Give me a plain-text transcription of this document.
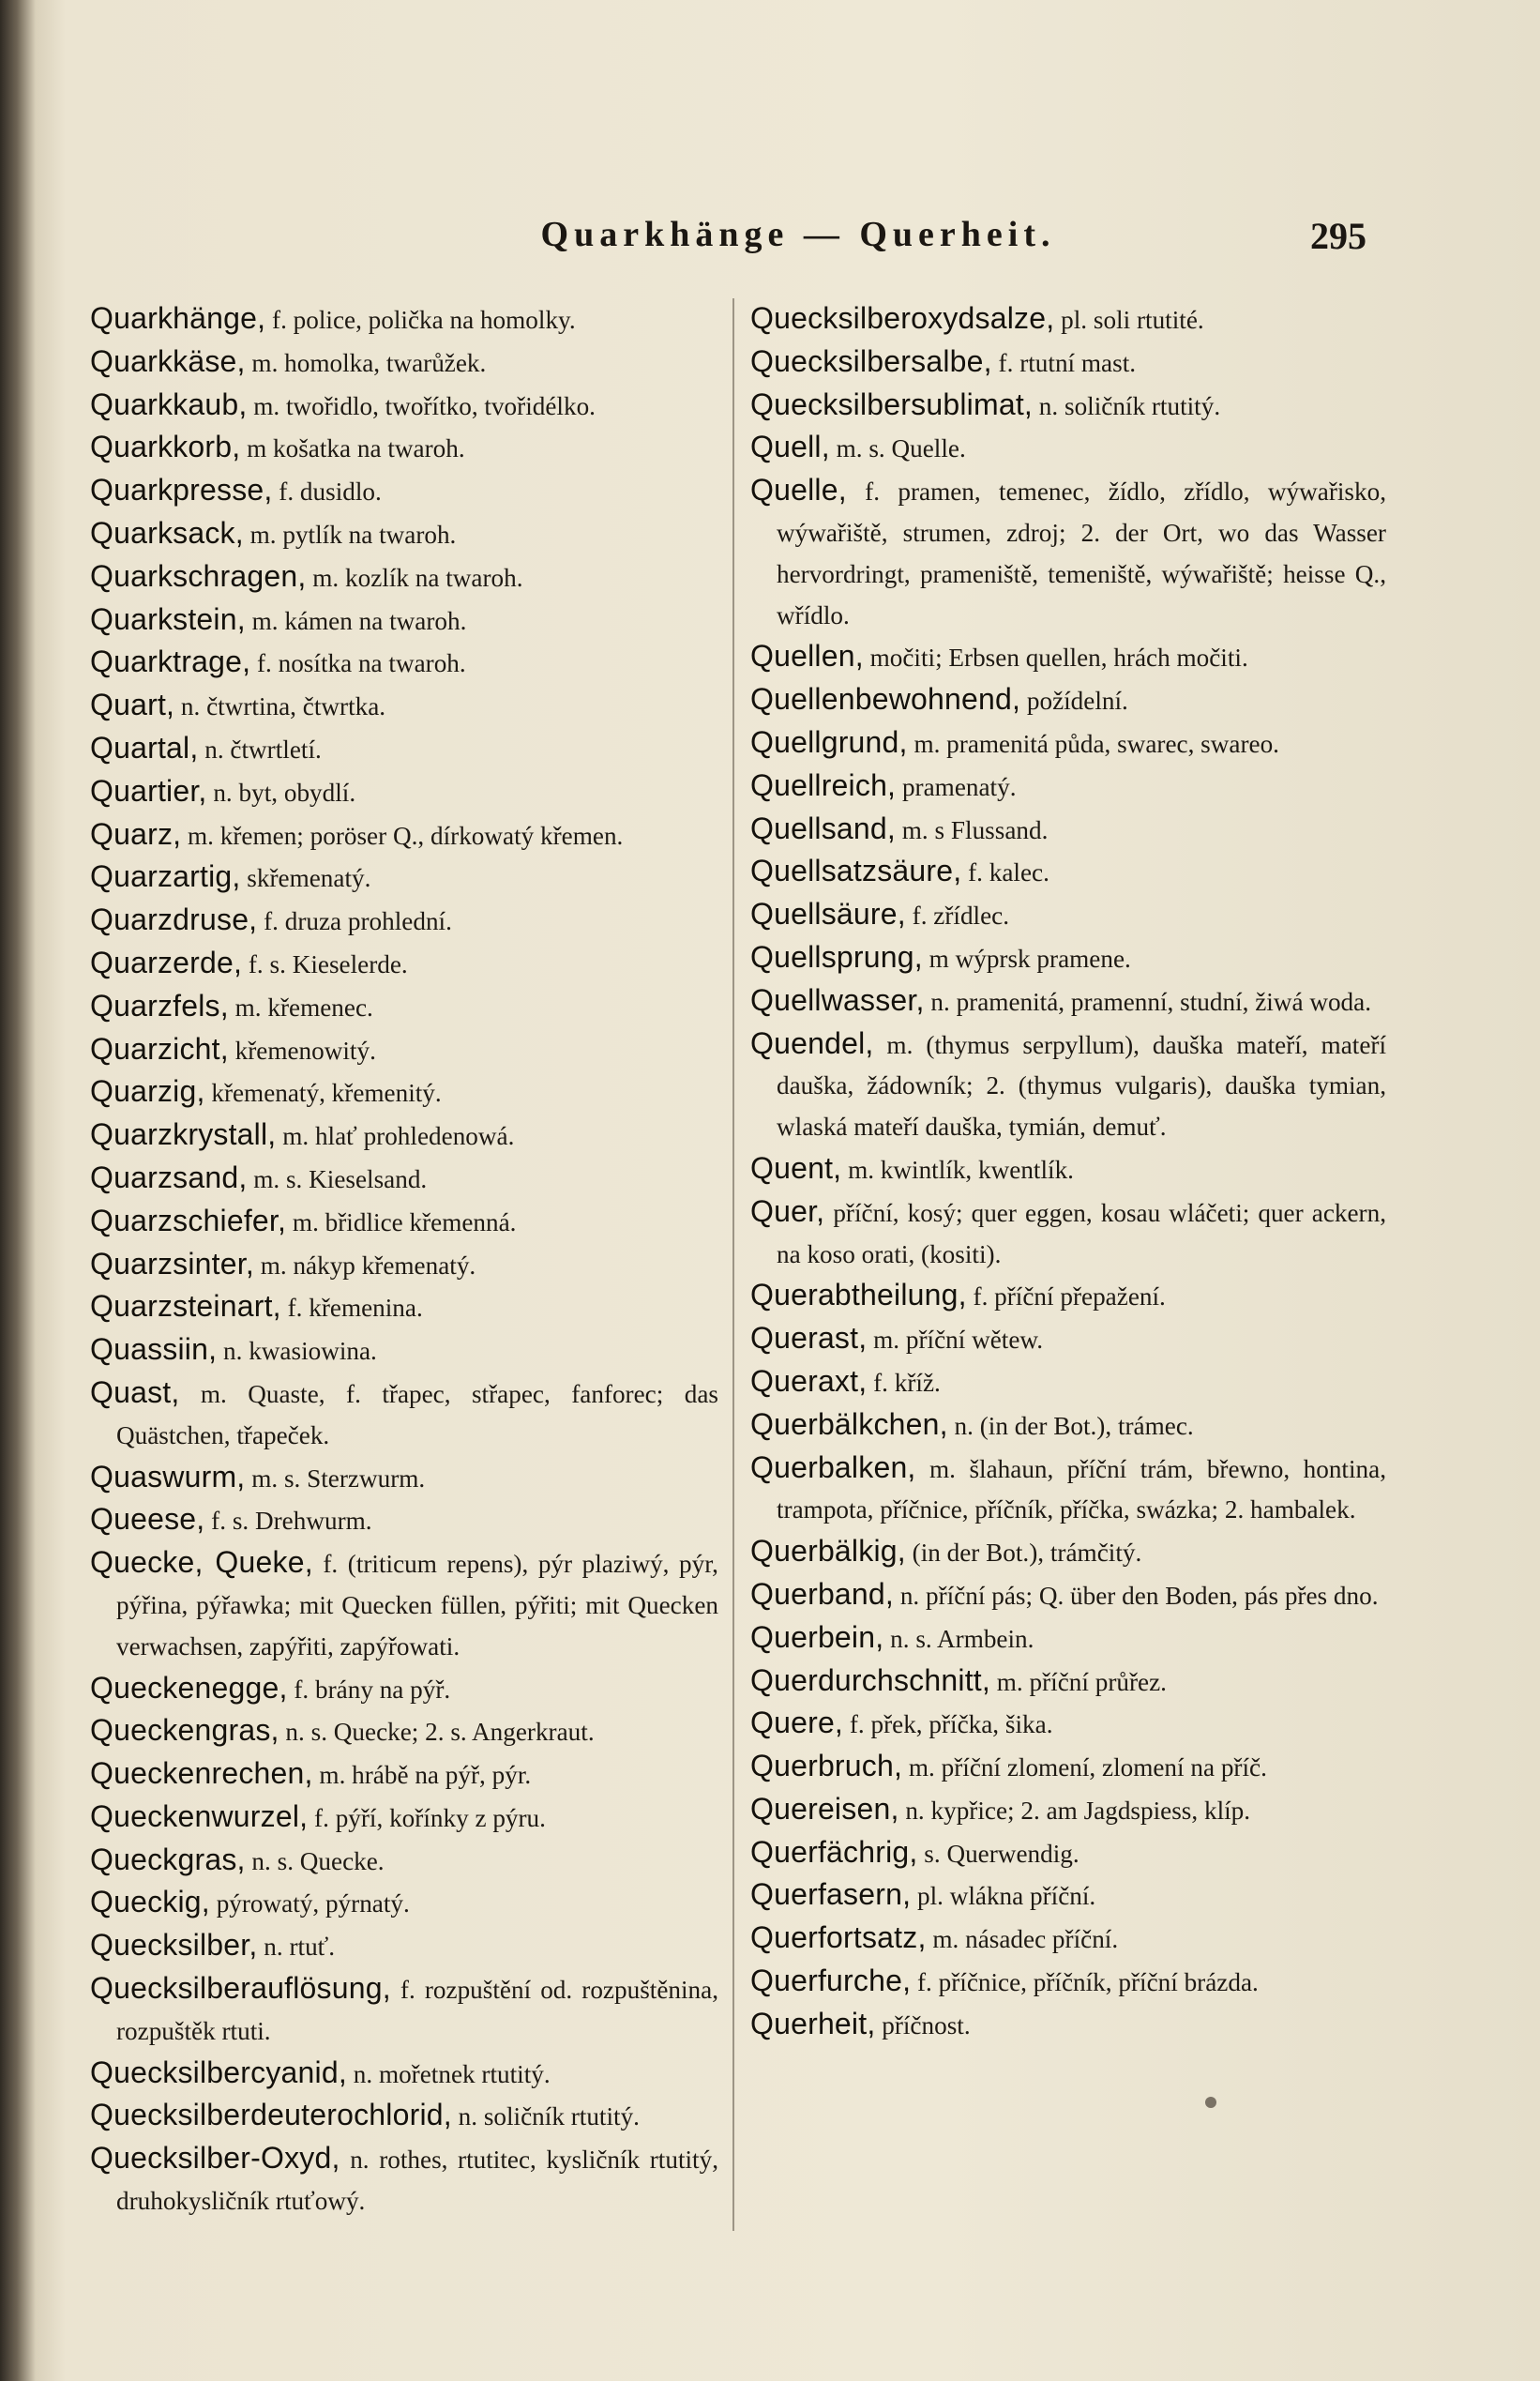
Quarkhänge — Querheit.	295

Quarkhänge, f. police, polička na homolky.

Quarkkäse, m. homolka, twarůžek.

Quarkkaub, m. twořidlo, twořítko, tvořidélko.

Quarkkorb, m košatka na twaroh.

Quarkpresse, f. dusidlo.

Quarksack, m. pytlík na twaroh.

Quarkschragen, m. kozlík na twaroh.

Quarkstein, m. kámen na twaroh.

Quarktrage, f. nosítka na twaroh.

Quart, n. čtwrtina, čtwrtka.

Quartal, n. čtwrtletí.

Quartier, n. byt, obydlí.

Quarz, m. křemen; poröser Q., dírkowatý křemen.

Quarzartig, skřemenatý.

Quarzdruse, f. druza prohlední.

Quarzerde, f. s. Kieselerde.

Quarzfels, m. křemenec.

Quarzicht, křemenowitý.

Quarzig, křemenatý, křemenitý.

Quarzkrystall, m. hlať prohledenowá.

Quarzsand, m. s. Kieselsand.

Quarzschiefer, m. břidlice křemenná.

Quarzsinter, m. nákyp křemenatý.

Quarzsteinart, f. křemenina.

Quassiin, n. kwasiowina.

Quast, m. Quaste, f. třapec, střapec, fanforec; das Quästchen, třapeček.

Quaswurm, m. s. Sterzwurm.

Queese, f. s. Drehwurm.

Quecke, Queke, f. (triticum repens), pýr plaziwý, pýr, pýřina, pýřawka; mit Quecken füllen, pýřiti; mit Quecken verwachsen, zapýřiti, zapýřowati.

Queckenegge, f. brány na pýř.

Queckengras, n. s. Quecke; 2. s. Angerkraut.

Queckenrechen, m. hrábě na pýř, pýr.

Queckenwurzel, f. pýří, kořínky z pýru.

Queckgras, n. s. Quecke.

Queckig, pýrowatý, pýrnatý.

Quecksilber, n. rtuť.

Quecksilberauflösung, f. rozpuštění od. rozpuštěnina, rozpuštěk rtuti.

Quecksilbercyanid, n. mořetnek rtutitý.

Quecksilberdeuterochlorid, n. soličník rtutitý.

Quecksilber-Oxyd, n. rothes, rtutitec, kysličník rtutitý, druhokysličník rtuťowý.

Quecksilberoxydsalze, pl. soli rtutité.

Quecksilbersalbe, f. rtutní mast.

Quecksilbersublimat, n. soličník rtutitý.

Quell, m. s. Quelle.

Quelle, f. pramen, temenec, žídlo, zřídlo, wýwařisko, wýwařiště, strumen, zdroj; 2. der Ort, wo das Wasser hervordringt, prameniště, temeniště, wýwařiště; heisse Q., wřídlo.

Quellen, močiti; Erbsen quellen, hrách močiti.

Quellenbewohnend, požídelní.

Quellgrund, m. pramenitá půda, swarec, swareo.

Quellreich, pramenatý.

Quellsand, m. s Flussand.

Quellsatzsäure, f. kalec.

Quellsäure, f. zřídlec.

Quellsprung, m wýprsk pramene.

Quellwasser, n. pramenitá, pramenní, studní, žiwá woda.

Quendel, m. (thymus serpyllum), dauška mateří, mateří dauška, žádowník; 2. (thymus vulgaris), dauška tymian, wlaská mateří dauška, tymián, demuť.

Quent, m. kwintlík, kwentlík.

Quer, příční, kosý; quer eggen, kosau wláčeti; quer ackern, na koso orati, (kositi).

Querabtheilung, f. příční přepažení.

Querast, m. příční wětew.

Queraxt, f. kříž.

Querbälkchen, n. (in der Bot.), trámec.

Querbalken, m. šlahaun, příční trám, břewno, hontina, trampota, příčnice, příčník, příčka, swázka; 2. hambalek.

Querbälkig, (in der Bot.), trámčitý.

Querband, n. příční pás; Q. über den Boden, pás přes dno.

Querbein, n. s. Armbein.

Querdurchschnitt, m. příční průřez.

Quere, f. přek, příčka, šika.

Querbruch, m. příční zlomení, zlomení na příč.

Quereisen, n. kypřice; 2. am Jagdspiess, klíp.

Querfächrig, s. Querwendig.

Querfasern, pl. wlákna příční.

Querfortsatz, m. násadec příční.

Querfurche, f. příčnice, příčník, příční brázda.

Querheit, příčnost.
